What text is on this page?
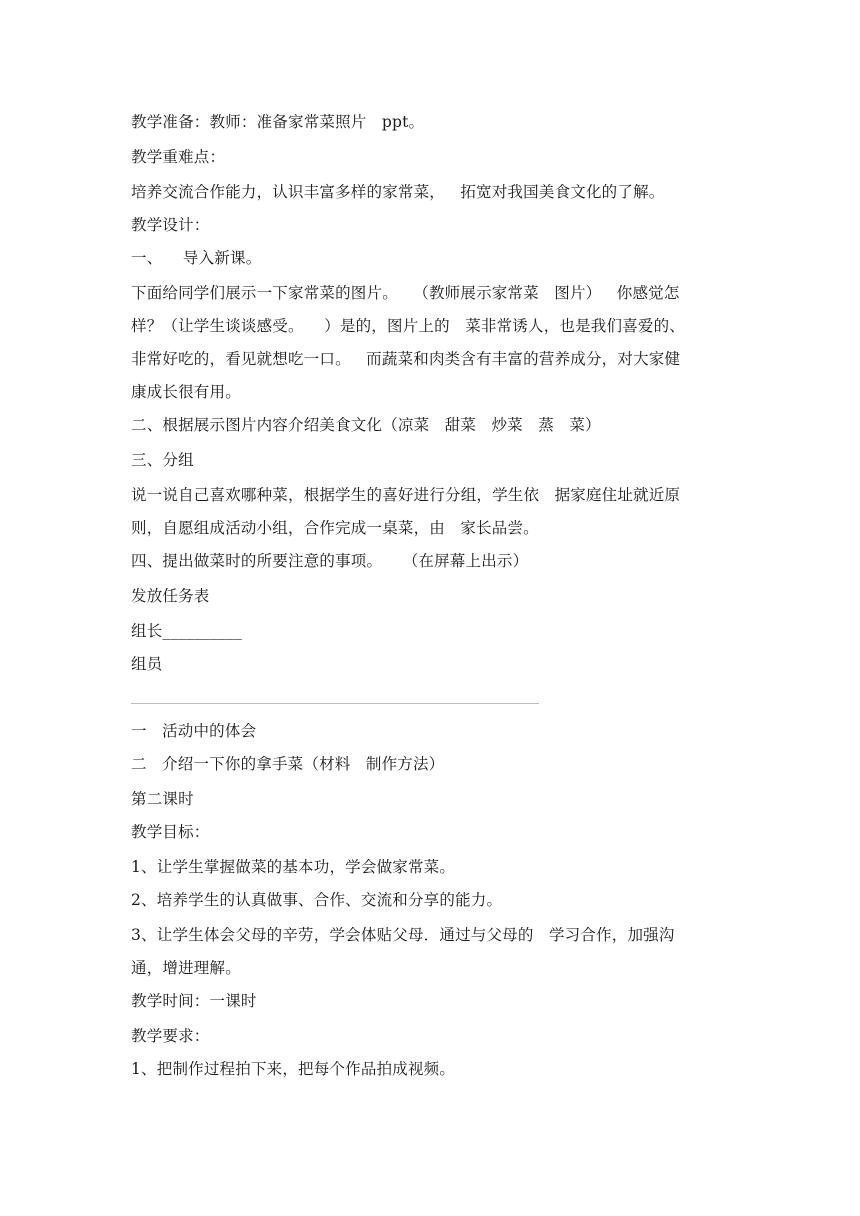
教学准备：教师：准备家常菜照片   ppt。
教学重难点：
培养交流合作能力，认识丰富多样的家常菜，   拓宽对我国美食文化的了解。
教学设计：
一、    导入新课。
下面给同学们展示一下家常菜的图片。   （教师展示家常菜   图片）   你感觉怎
样？（让学生谈谈感受。    ）是的，图片上的   菜非常诱人，也是我们喜爱的、
非常好吃的，看见就想吃一口。   而蔬菜和肉类含有丰富的营养成分，对大家健
康成长很有用。
二、根据展示图片内容介绍美食文化（凉菜   甜菜   炒菜   蒸   菜）
三、分组
说一说自己喜欢哪种菜，根据学生的喜好进行分组，学生依   据家庭住址就近原
则，自愿组成活动小组，合作完成一桌菜，由   家长品尝。
四、提出做菜时的所要注意的事项。    （在屏幕上出示）
发放任务表
组长__________
组员
一   活动中的体会
二   介绍一下你的拿手菜（材料   制作方法）
第二课时
教学目标：
1、让学生掌握做菜的基本功，学会做家常菜。
2、培养学生的认真做事、合作、交流和分享的能力。
3、让学生体会父母的辛劳，学会体贴父母．通过与父母的   学习合作，加强沟
通，增进理解。
教学时间：一课时
教学要求：
1、把制作过程拍下来，把每个作品拍成视频。
